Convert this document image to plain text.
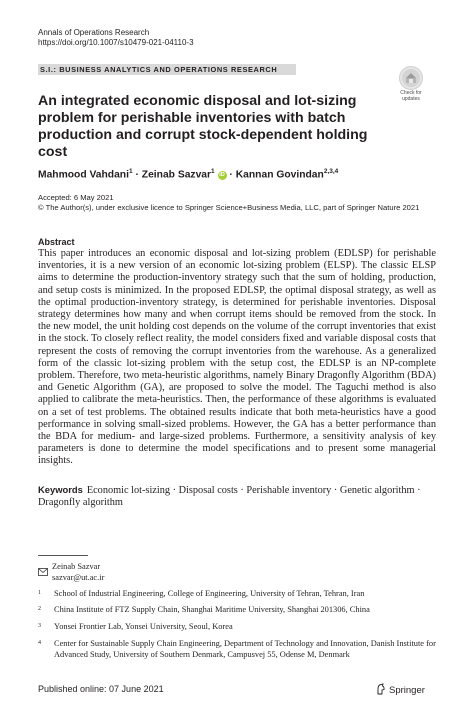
Annals of Operations Research
https://doi.org/10.1007/s10479-021-04110-3
S.I.: BUSINESS ANALYTICS AND OPERATIONS RESEARCH
Check for
updates
An integrated economic disposal and lot-sizing problem for perishable inventories with batch production and corrupt stock-dependent holding cost
Mahmood Vahdani$^1$ · Zeinab Sazvar$^1$ iD · Kannan Govindan$^{2,3,4}$
Accepted: 6 May 2021
© The Author(s), under exclusive licence to Springer Science+Business Media, LLC, part of Springer Nature 2021
Abstract
This paper introduces an economic disposal and lot-sizing problem (EDLSP) for perishable inventories, it is a new version of an economic lot-sizing problem (ELSP). The classic ELSP aims to determine the production-inventory strategy such that the sum of holding, production, and setup costs is minimized. In the proposed EDLSP, the optimal disposal strategy, as well as the optimal production-inventory strategy, is determined for perishable inventories. Disposal strategy determines how many and when corrupt items should be removed from the stock. In the new model, the unit holding cost depends on the volume of the corrupt inventories that exist in the stock. To closely reflect reality, the model considers fixed and variable disposal costs that represent the costs of removing the corrupt inventories from the warehouse. As a generalized form of the classic lot-sizing problem with the setup cost, the EDLSP is an NP-complete problem. Therefore, two meta-heuristic algorithms, namely Binary Dragonfly Algorithm (BDA) and Genetic Algorithm (GA), are proposed to solve the model. The Taguchi method is also applied to calibrate the meta-heuristics. Then, the performance of these algorithms is evaluated on a set of test problems. The obtained results indicate that both meta-heuristics have a good performance in solving small-sized problems. However, the GA has a better performance than the BDA for medium- and large-sized problems. Furthermore, a sensitivity analysis of key parameters is done to determine the model specifications and to present some managerial insights.
Keywords Economic lot-sizing · Disposal costs · Perishable inventory · Genetic algorithm · Dragonfly algorithm
Zeinab Sazvar
sazvar@ut.ac.ir
1 School of Industrial Engineering, College of Engineering, University of Tehran, Tehran, Iran
2 China Institute of FTZ Supply Chain, Shanghai Maritime University, Shanghai 201306, China
3 Yonsei Frontier Lab, Yonsei University, Seoul, Korea
4 Center for Sustainable Supply Chain Engineering, Department of Technology and Innovation, Danish Institute for Advanced Study, University of Southern Denmark, Campusvej 55, Odense M, Denmark
Published online: 07 June 2021	Springer
